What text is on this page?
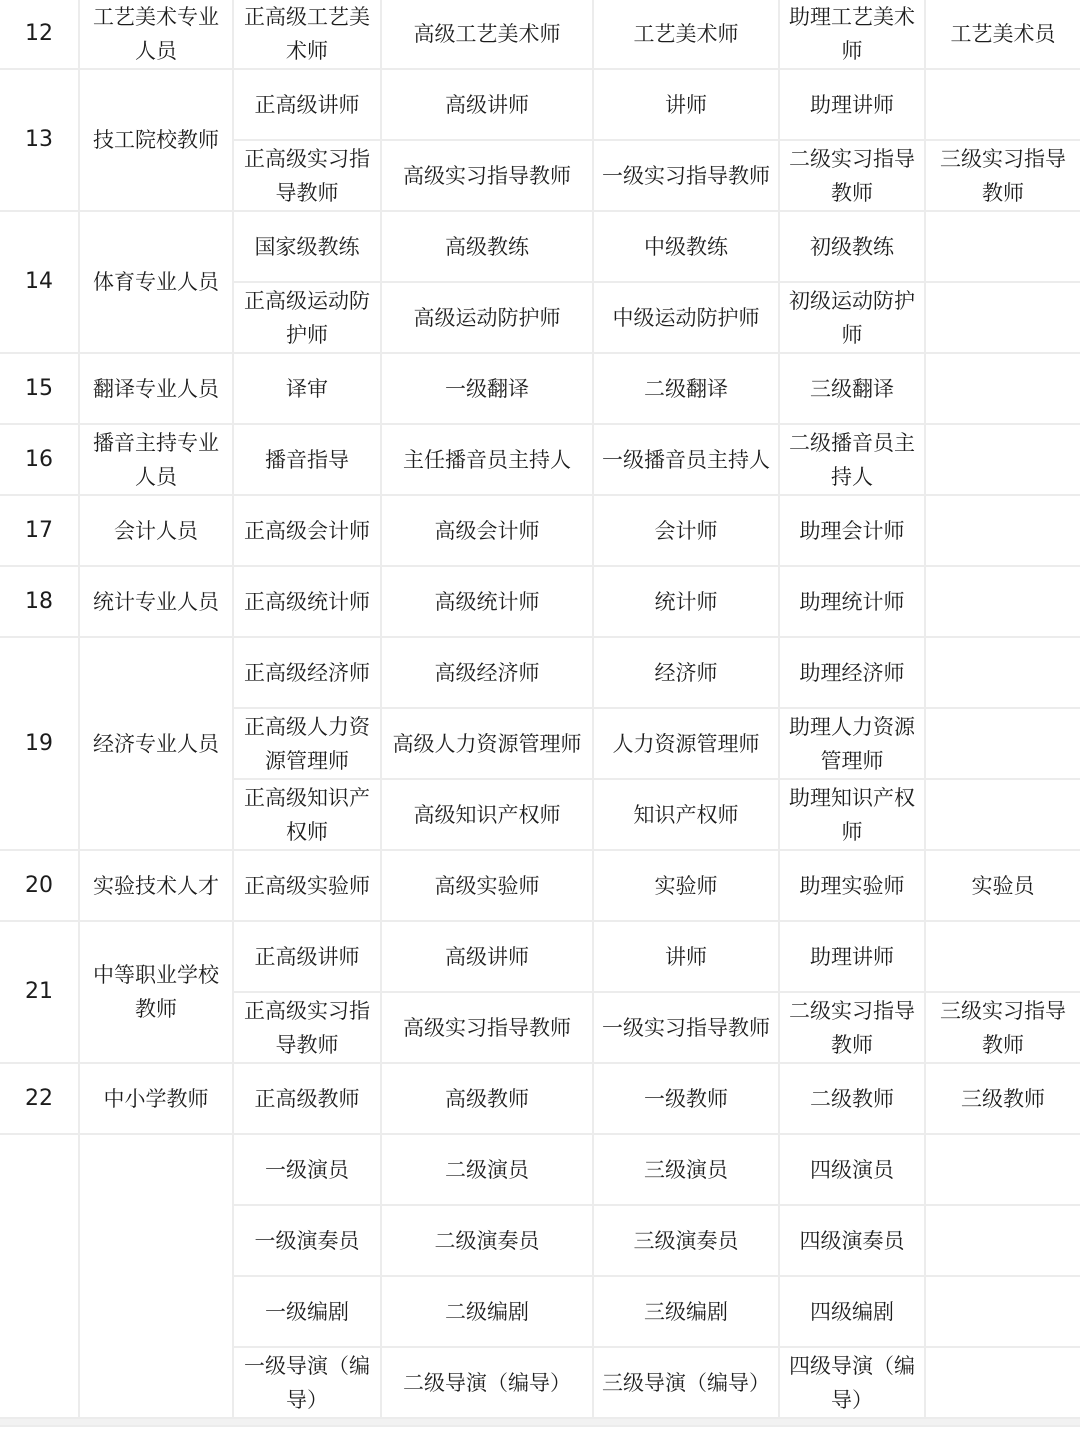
12	工艺美术专业人员	正高级工艺美术师	高级工艺美术师	工艺美术师	助理工艺美术师	工艺美术员
13	技工院校教师	正高级讲师	高级讲师	讲师	助理讲师	
		正高级实习指导教师	高级实习指导教师	一级实习指导教师	二级实习指导教师	三级实习指导教师
14	体育专业人员	国家级教练	高级教练	中级教练	初级教练	
		正高级运动防护师	高级运动防护师	中级运动防护师	初级运动防护师	
15	翻译专业人员	译审	一级翻译	二级翻译	三级翻译	
16	播音主持专业人员	播音指导	主任播音员主持人	一级播音员主持人	二级播音员主持人	
17	会计人员	正高级会计师	高级会计师	会计师	助理会计师	
18	统计专业人员	正高级统计师	高级统计师	统计师	助理统计师	
19	经济专业人员	正高级经济师	高级经济师	经济师	助理经济师	
		正高级人力资源管理师	高级人力资源管理师	人力资源管理师	助理人力资源管理师	
		正高级知识产权师	高级知识产权师	知识产权师	助理知识产权师	
20	实验技术人才	正高级实验师	高级实验师	实验师	助理实验师	实验员
21	中等职业学校教师	正高级讲师	高级讲师	讲师	助理讲师	
		正高级实习指导教师	高级实习指导教师	一级实习指导教师	二级实习指导教师	三级实习指导教师
22	中小学教师	正高级教师	高级教师	一级教师	二级教师	三级教师
		一级演员	二级演员	三级演员	四级演员	
		一级演奏员	二级演奏员	三级演奏员	四级演奏员	
		一级编剧	二级编剧	三级编剧	四级编剧	
		一级导演（编导）	二级导演（编导）	三级导演（编导）	四级导演（编导）	
